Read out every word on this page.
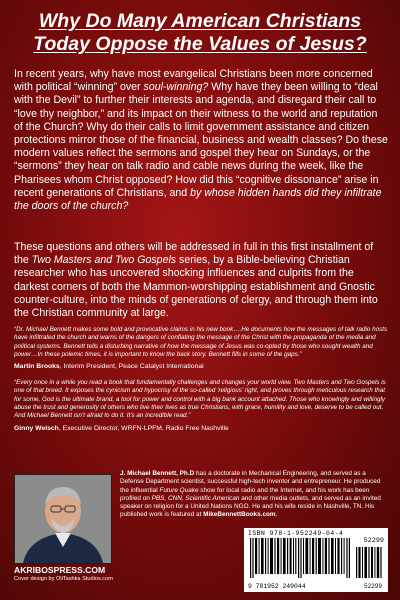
Why Do Many American Christians Today Oppose the Values of Jesus?

In recent years, why have most evangelical Christians been more concerned with political “winning” over soul-winning? Why have they been willing to “deal with the Devil” to further their interests and agenda, and disregard their call to “love thy neighbor,” and its impact on their witness to the world and reputation of the Church? Why do their calls to limit government assistance and citizen protections mirror those of the financial, business and wealth classes? Do these modern values reflect the sermons and gospel they hear on Sundays, or the “sermons” they hear on talk radio and cable news during the week, like the Pharisees whom Christ opposed? How did this “cognitive dissonance” arise in recent generations of Christians, and by whose hidden hands did they infiltrate the doors of the church?

These questions and others will be addressed in full in this first installment of the Two Masters and Two Gospels series, by a Bible-believing Christian researcher who has uncovered shocking influences and culprits from the darkest corners of both the Mammon-worshipping establishment and Gnostic counter-culture, into the minds of generations of clergy, and through them into the Christian community at large.

“Dr. Michael Bennett makes some bold and provocative claims in his new book….He documents how the messages of talk radio hosts have infiltrated the church and warns of the dangers of conflating the message of the Christ with the propaganda of the media and political systems. Bennett tells a disturbing narrative of how the message of Jesus was co-opted by those who sought wealth and power…In these polemic times, it is important to know the back story. Bennett fills in some of the gaps.”

Martin Brooks, Interim President, Peace Catalyst International

“Every once in a while you read a book that fundamentally challenges and changes your world view. Two Masters and Two Gospels is one of that breed. It exposes the cynicism and hypocrisy of the so-called ‘religious’ right, and proves through meticulous research that for some, God is the ultimate brand, a tool for power and control with a big bank account attached. Those who knowingly and willingly abuse the trust and generosity of others who live their lives as true Christians, with grace, humility and love, deserve to be called out. And Michael Bennett isn’t afraid to do it. It’s an incredible read.”

Ginny Welsch, Executive Director, WRFN-LPFM, Radio Free Nashville

J. Michael Bennett, Ph.D has a doctorate in Mechanical Engineering, and served as a Defense Department scientist, successful high-tech inventor and entrepreneur. He produced the influential Future Quake show for local radio and the Internet, and his work has been profiled on PBS, CNN, Scientific American and other media outlets, and served as an invited speaker on religion for a United Nations NGO. He and his wife reside in Nashville, TN. His published work is featured at MikeBennettBooks.com.

AKRIBOSPRESS.COM
Cover design by OliTashka Studios.com
ISBN 978-1-952249-04-4
52299
9 781952 249044	52299
